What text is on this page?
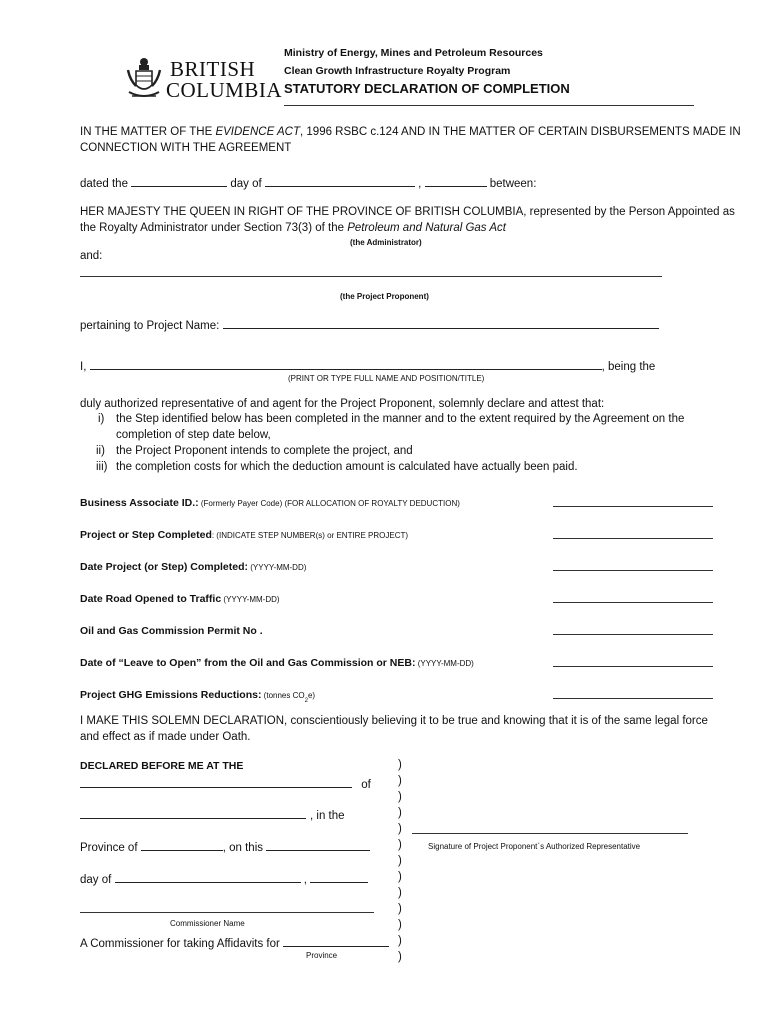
BRITISH
COLUMBIA
Ministry of Energy, Mines and Petroleum Resources
Clean Growth Infrastructure Royalty Program
STATUTORY DECLARATION OF COMPLETION
IN THE MATTER OF THE EVIDENCE ACT, 1996 RSBC c.124 AND IN THE MATTER OF CERTAIN DISBURSEMENTS MADE IN
CONNECTION WITH THE AGREEMENT
dated the	day of	,	between:
HER MAJESTY THE QUEEN IN RIGHT OF THE PROVINCE OF BRITISH COLUMBIA, represented by the Person Appointed as
the Royalty Administrator under Section 73(3) of the Petroleum and Natural Gas Act
(the Administrator)
and:
(the Project Proponent)
pertaining to Project Name:
I,	, being the
(PRINT OR TYPE FULL NAME AND POSITION/TITLE)
duly authorized representative of and agent for the Project Proponent, solemnly declare and attest that:
i) the Step identified below has been completed in the manner and to the extent required by the Agreement on the
completion of step date below,
ii) the Project Proponent intends to complete the project, and
iii) the completion costs for which the deduction amount is calculated have actually been paid.
Business Associate ID.: (Formerly Payer Code) (FOR ALLOCATION OF ROYALTY DEDUCTION)
Project or Step Completed: (INDICATE STEP NUMBER(s) or ENTIRE PROJECT)
Date Project (or Step) Completed: (YYYY-MM-DD)
Date Road Opened to Traffic (YYYY-MM-DD)
Oil and Gas Commission Permit No .
Date of “Leave to Open” from the Oil and Gas Commission or NEB: (YYYY-MM-DD)
Project GHG Emissions Reductions: (tonnes $CO_2e$)
I MAKE THIS SOLEMN DECLARATION, conscientiously believing it to be true and knowing that it is of the same legal force
and effect as if made under Oath.
DECLARED BEFORE ME AT THE
of
, in the
Province of	, on this
day of	,
Commissioner Name
A Commissioner for taking Affidavits for
Province
)
)
)
)
)
)
)
)
)
)
)
)
)
Signature of Project Proponent`s Authorized Representative
